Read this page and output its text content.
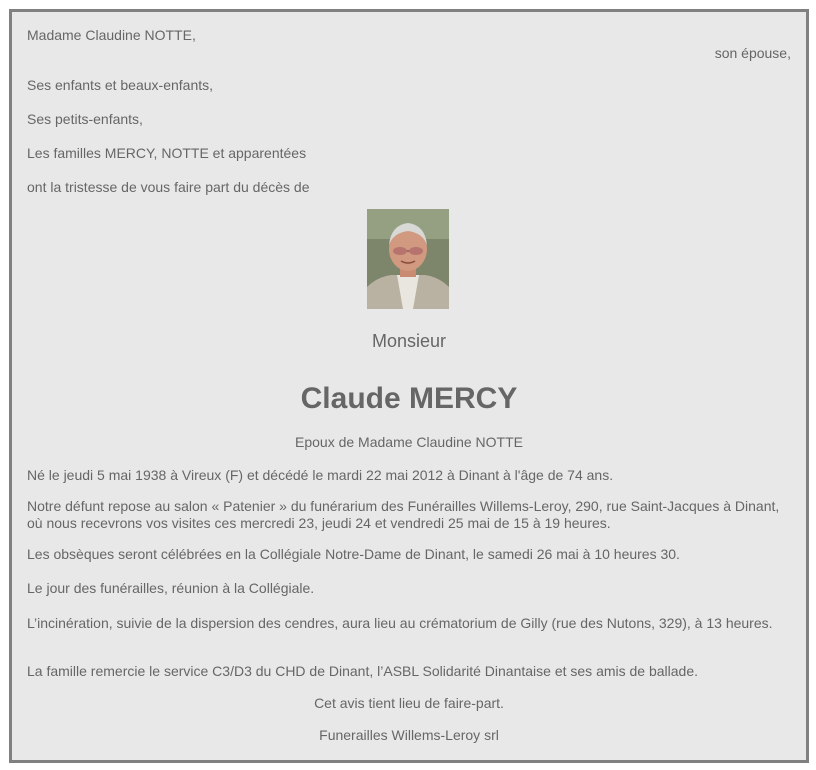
Madame Claudine NOTTE,
son épouse,
Ses enfants et beaux-enfants,
Ses petits-enfants,
Les familles MERCY, NOTTE et apparentées
ont la tristesse de vous faire part du décès de
Monsieur
Claude MERCY
Epoux de Madame Claudine NOTTE
Né le jeudi 5 mai 1938 à Vireux (F) et décédé le mardi 22 mai 2012 à Dinant à l'âge de 74 ans.
Notre défunt repose au salon « Patenier » du funérarium des Funérailles Willems-Leroy, 290, rue Saint-Jacques à Dinant, où nous recevrons vos visites ces mercredi 23, jeudi 24 et vendredi 25 mai de 15 à 19 heures.
Les obsèques seront célébrées en la Collégiale Notre-Dame de Dinant, le samedi 26 mai à 10 heures 30.
Le jour des funérailles, réunion à la Collégiale.
L’incinération, suivie de la dispersion des cendres, aura lieu au crématorium de Gilly (rue des Nutons, 329), à 13 heures.
La famille remercie le service C3/D3 du CHD de Dinant, l’ASBL Solidarité Dinantaise et ses amis de ballade.
Cet avis tient lieu de faire-part.
Funerailles Willems-Leroy srl
